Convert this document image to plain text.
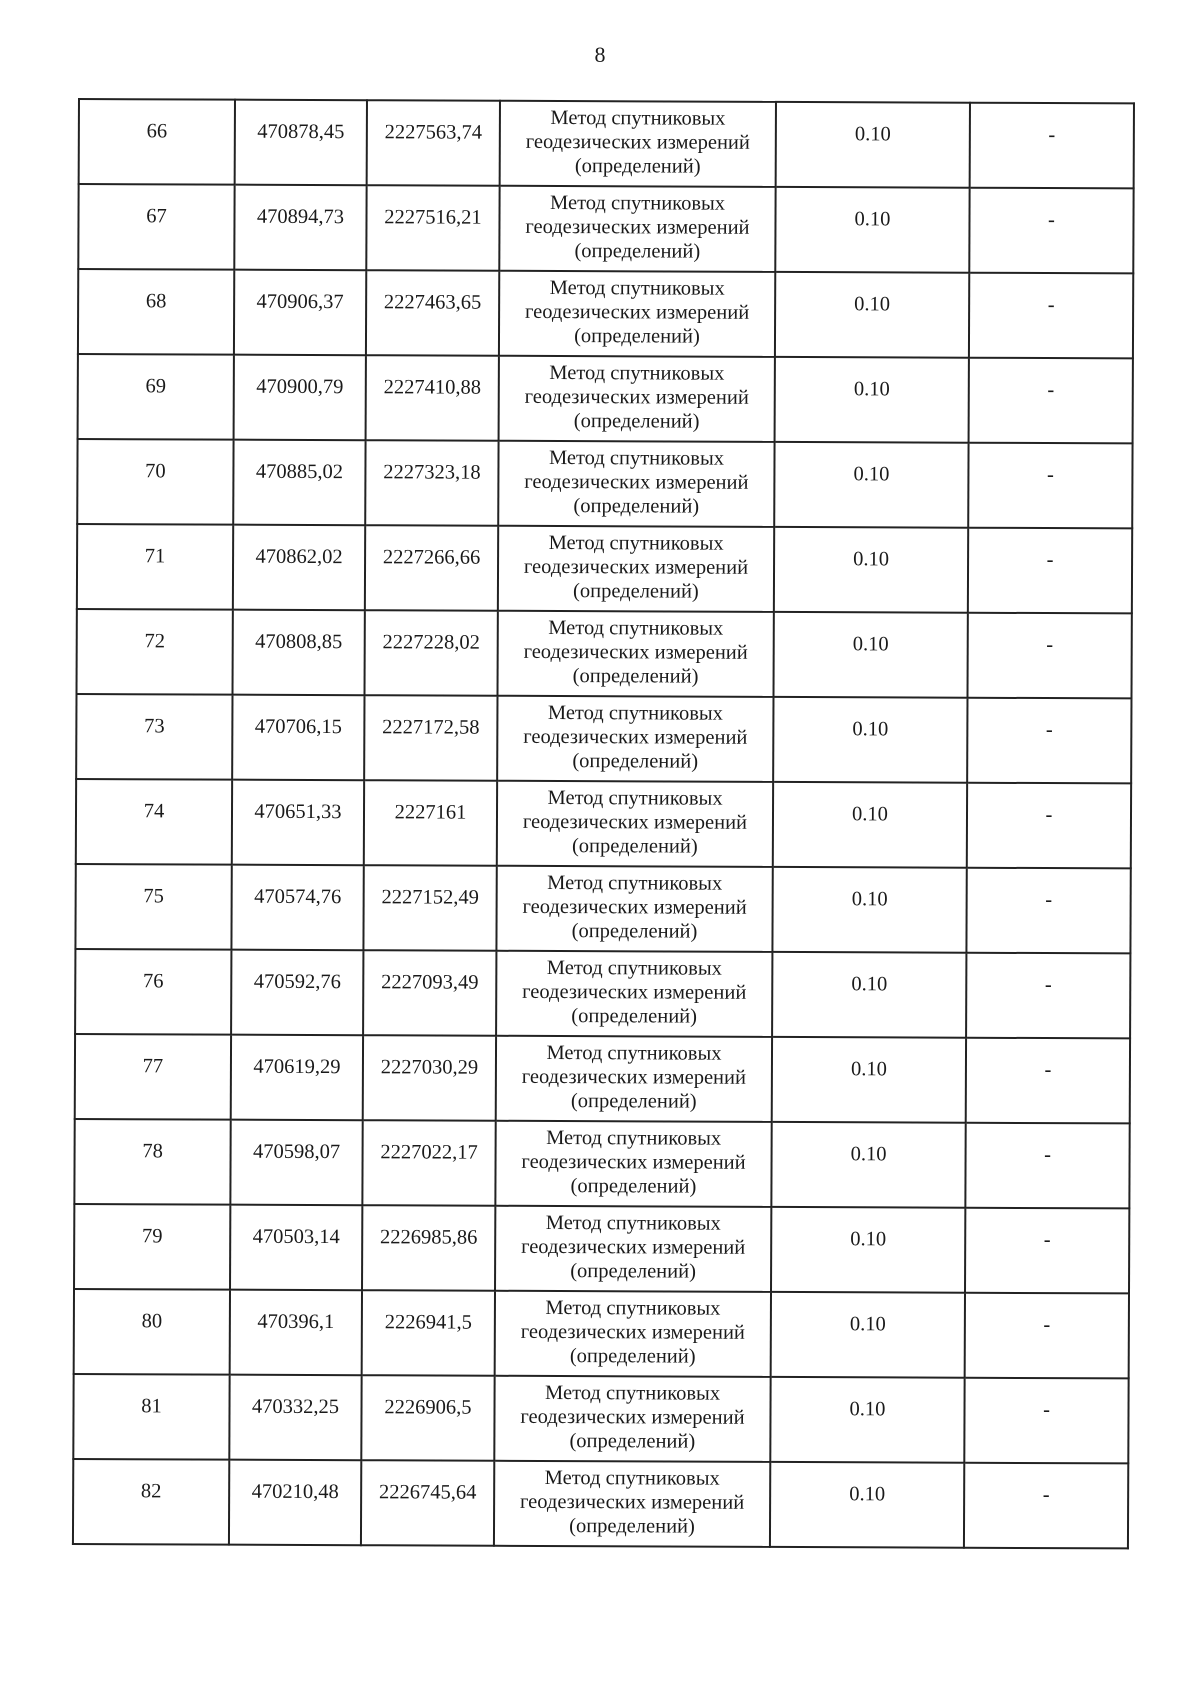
8
66	470878,45	2227563,74	Метод спутниковых
геодезических измерений
(определений)	0.10	-

67	470894,73	2227516,21	Метод спутниковых
геодезических измерений
(определений)	0.10	-

68	470906,37	2227463,65	Метод спутниковых
геодезических измерений
(определений)	0.10	-

69	470900,79	2227410,88	Метод спутниковых
геодезических измерений
(определений)	0.10	-

70	470885,02	2227323,18	Метод спутниковых
геодезических измерений
(определений)	0.10	-

71	470862,02	2227266,66	Метод спутниковых
геодезических измерений
(определений)	0.10	-

72	470808,85	2227228,02	Метод спутниковых
геодезических измерений
(определений)	0.10	-

73	470706,15	2227172,58	Метод спутниковых
геодезических измерений
(определений)	0.10	-

74	470651,33	2227161	Метод спутниковых
геодезических измерений
(определений)	0.10	-

75	470574,76	2227152,49	Метод спутниковых
геодезических измерений
(определений)	0.10	-

76	470592,76	2227093,49	Метод спутниковых
геодезических измерений
(определений)	0.10	-

77	470619,29	2227030,29	Метод спутниковых
геодезических измерений
(определений)	0.10	-

78	470598,07	2227022,17	Метод спутниковых
геодезических измерений
(определений)	0.10	-

79	470503,14	2226985,86	Метод спутниковых
геодезических измерений
(определений)	0.10	-

80	470396,1	2226941,5	Метод спутниковых
геодезических измерений
(определений)	0.10	-

81	470332,25	2226906,5	Метод спутниковых
геодезических измерений
(определений)	0.10	-

82	470210,48	2226745,64	Метод спутниковых
геодезических измерений
(определений)	0.10	-
